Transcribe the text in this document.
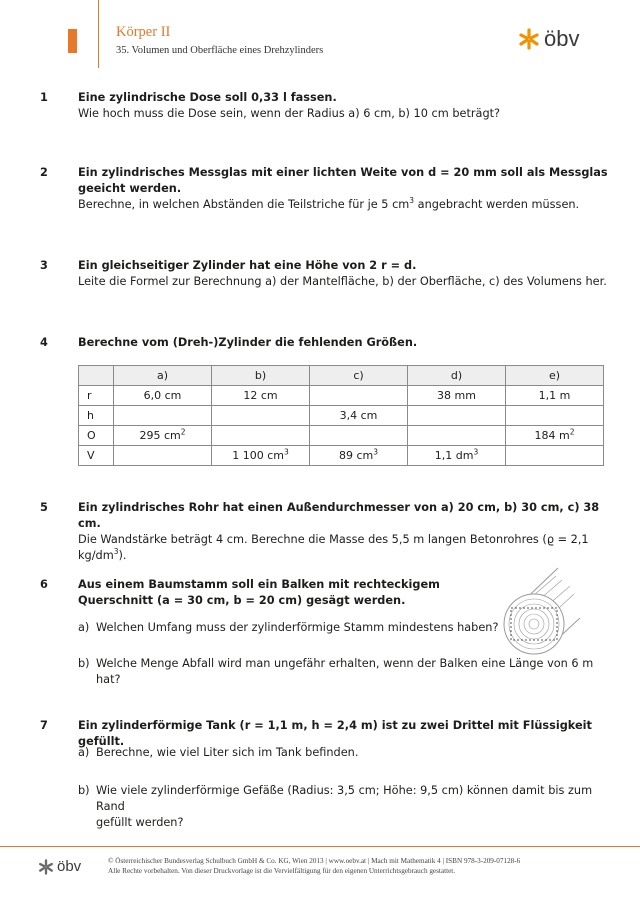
Körper II
35. Volumen und Oberfläche eines Drehzylinders	öbv
1	Eine zylindrische Dose soll 0,33 l fassen.
Wie hoch muss die Dose sein, wenn der Radius a) 6 cm, b) 10 cm beträgt?
2	Ein zylindrisches Messglas mit einer lichten Weite von d = 20 mm soll als Messglas
geeicht werden.
Berechne, in welchen Abständen die Teilstriche für je 5 $cm^3$ angebracht werden müssen.
3	Ein gleichseitiger Zylinder hat eine Höhe von 2 r = d.
Leite die Formel zur Berechnung a) der Mantelfläche, b) der Oberfläche, c) des Volumens her.
4	Berechne vom (Dreh-)Zylinder die fehlenden Größen.
	a)	b)	c)	d)	e)
r	6,0 cm	12 cm		38 mm	1,1 m
h			3,4 cm		
O	295 $cm^2$				184 $m^2$
V		1 100 $cm^3$	89 $cm^3$	1,1 $dm^3$	
5	Ein zylindrisches Rohr hat einen Außendurchmesser von a) 20 cm, b) 30 cm, c) 38 cm.
Die Wandstärke beträgt 4 cm. Berechne die Masse des 5,5 m langen Betonrohres (ϱ = 2,1 $kg/dm^3$).
6	Aus einem Baumstamm soll ein Balken mit rechteckigem
Querschnitt (a = 30 cm, b = 20 cm) gesägt werden.
a) Welchen Umfang muss der zylinderförmige Stamm mindestens haben?
b) Welche Menge Abfall wird man ungefähr erhalten, wenn der Balken eine Länge von 6 m hat?
7	Ein zylinderförmige Tank (r = 1,1 m, h = 2,4 m) ist zu zwei Drittel mit Flüssigkeit gefüllt.
a) Berechne, wie viel Liter sich im Tank befinden.
b) Wie viele zylinderförmige Gefäße (Radius: 3,5 cm; Höhe: 9,5 cm) können damit bis zum Rand
gefüllt werden?
öbv	© Österreichischer Bundesverlag Schulbuch GmbH & Co. KG, Wien 2013 | www.oebv.at | Mach mit Mathematik 4 | ISBN 978-3-209-07128-6
Alle Rechte vorbehalten. Von dieser Druckvorlage ist die Vervielfältigung für den eigenen Unterrichtsgebrauch gestattet.
